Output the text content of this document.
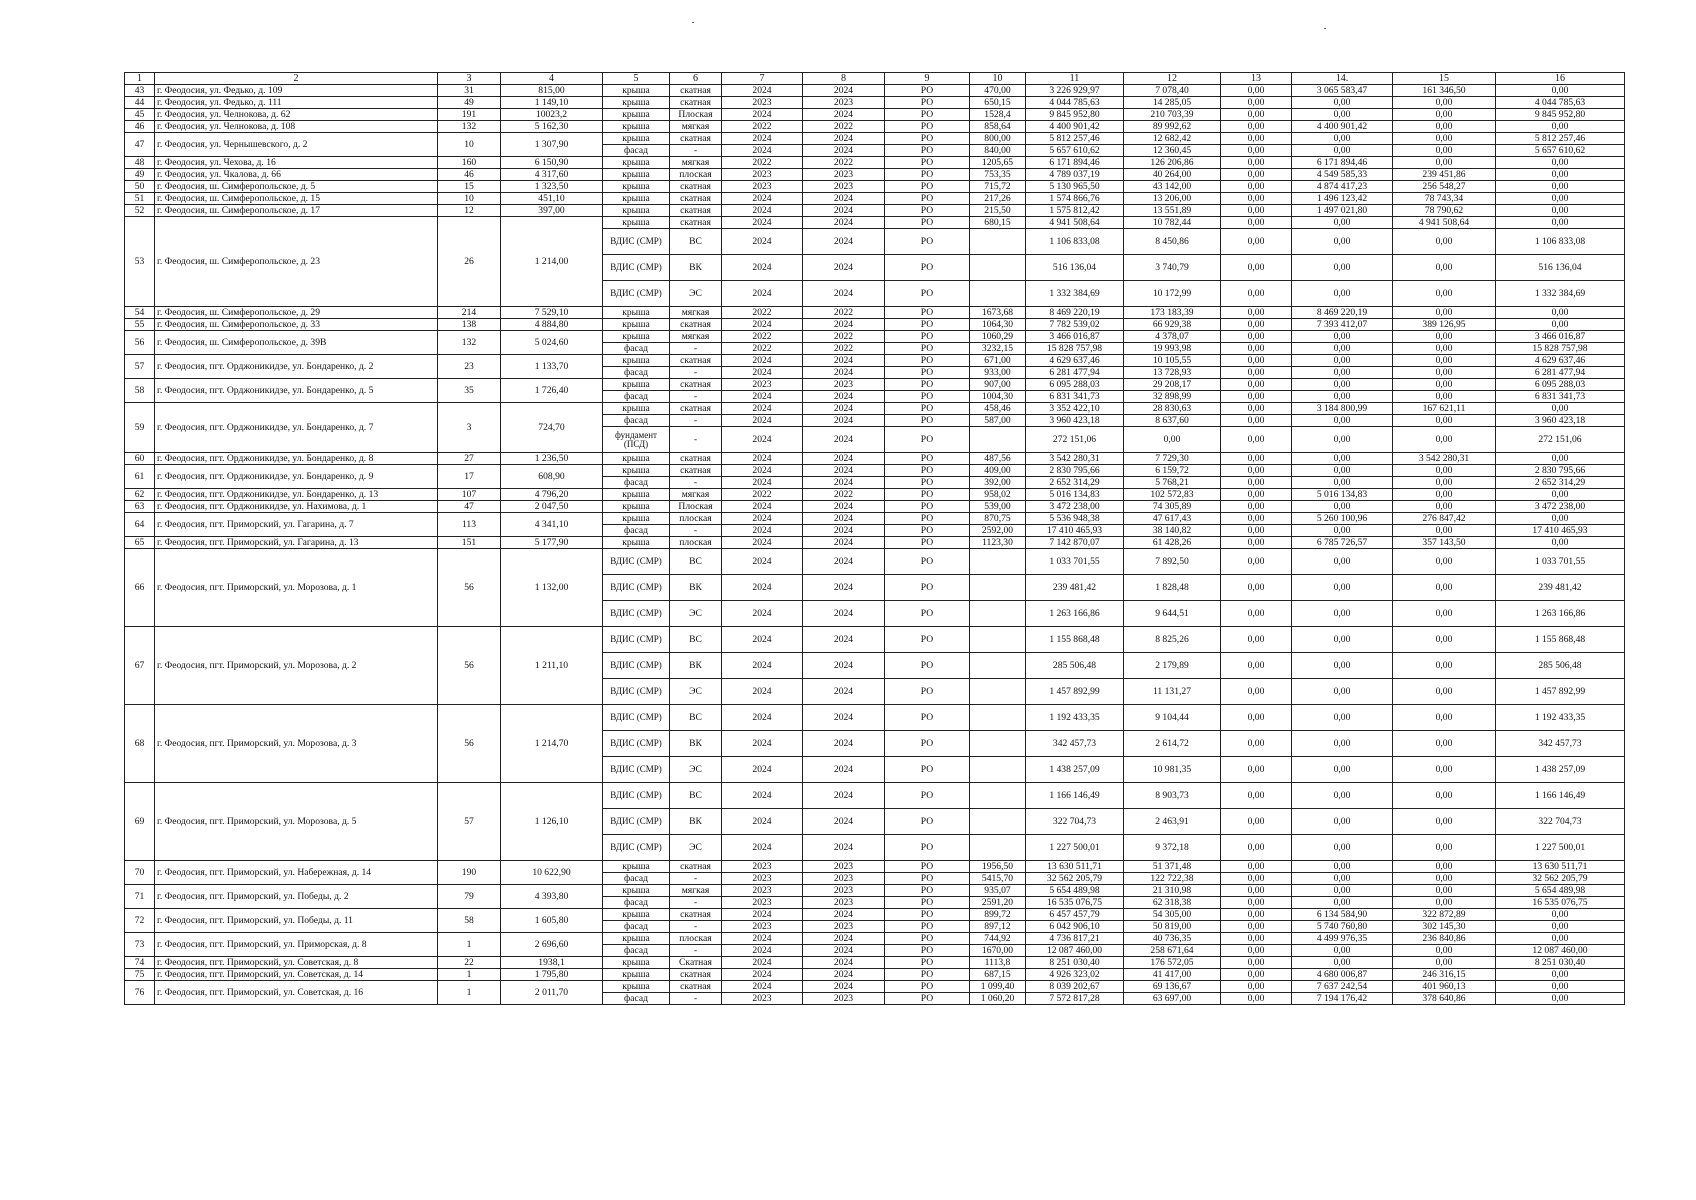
1	2	3	4	5	6	7	8	9	10	11	12	13	14.	15	16
43	г. Феодосия, ул. Федько, д. 109	31	815,00	крыша	скатная	2024	2024	РО	470,00	3 226 929,97	7 078,40	0,00	3 065 583,47	161 346,50	0,00
44	г. Феодосия, ул. Федько, д. 111	49	1 149,10	крыша	скатная	2023	2023	РО	650,15	4 044 785,63	14 285,05	0,00	0,00	0,00	4 044 785,63
45	г. Феодосия, ул. Челнокова, д. 62	191	10023,2	крыша	Плоская	2024	2024	РО	1528,4	9 845 952,80	210 703,39	0,00	0,00	0,00	9 845 952,80
46	г. Феодосия, ул. Челнокова, д. 108	132	5 162,30	крыша	мягкая	2022	2022	РО	858,64	4 400 901,42	89 992,62	0,00	4 400 901,42	0,00	0,00
47	г. Феодосия, ул. Чернышевского, д. 2	10	1 307,90	крыша	скатная	2024	2024	РО	800,00	5 812 257,46	12 682,42	0,00	0,00	0,00	5 812 257,46
				фасад	-	2024	2024	РО	840,00	5 657 610,62	12 360,45	0,00	0,00	0,00	5 657 610,62
48	г. Феодосия, ул. Чехова, д. 16	160	6 150,90	крыша	мягкая	2022	2022	РО	1205,65	6 171 894,46	126 206,86	0,00	6 171 894,46	0,00	0,00
49	г. Феодосия, ул. Чкалова, д. 66	46	4 317,60	крыша	плоская	2023	2023	РО	753,35	4 789 037,19	40 264,00	0,00	4 549 585,33	239 451,86	0,00
50	г. Феодосия, ш. Симферопольское, д. 5	15	1 323,50	крыша	скатная	2023	2023	РО	715,72	5 130 965,50	43 142,00	0,00	4 874 417,23	256 548,27	0,00
51	г. Феодосия, ш. Симферопольское, д. 15	10	451,10	крыша	скатная	2024	2024	РО	217,26	1 574 866,76	13 206,00	0,00	1 496 123,42	78 743,34	0,00
52	г. Феодосия, ш. Симферопольское, д. 17	12	397,00	крыша	скатная	2024	2024	РО	215,50	1 575 812,42	13 551,89	0,00	1 497 021,80	78 790,62	0,00
53	г. Феодосия, ш. Симферопольское, д. 23	26	1 214,00	крыша	скатная	2024	2024	РО	680,15	4 941 508,64	10 782,44	0,00	0,00	4 941 508,64	0,00
				ВДИС (СМР)	ВС	2024	2024	РО		1 106 833,08	8 450,86	0,00	0,00	0,00	1 106 833,08
				ВДИС (СМР)	ВК	2024	2024	РО		516 136,04	3 740,79	0,00	0,00	0,00	516 136,04
				ВДИС (СМР)	ЭС	2024	2024	РО		1 332 384,69	10 172,99	0,00	0,00	0,00	1 332 384,69
54	г. Феодосия, ш. Симферопольское, д. 29	214	7 529,10	крыша	мягкая	2022	2022	РО	1673,68	8 469 220,19	173 183,39	0,00	8 469 220,19	0,00	0,00
55	г. Феодосия, ш. Симферопольское, д. 33	138	4 884,80	крыша	скатная	2024	2024	РО	1064,30	7 782 539,02	66 929,38	0,00	7 393 412,07	389 126,95	0,00
56	г. Феодосия, ш. Симферопольское, д. 39В	132	5 024,60	крыша	мягкая	2022	2022	РО	1060,29	3 466 016,87	4 378,07	0,00	0,00	0,00	3 466 016,87
				фасад	-	2022	2022	РО	3232,15	15 828 757,98	19 993,98	0,00	0,00	0,00	15 828 757,98
57	г. Феодосия, пгт. Орджоникидзе, ул. Бондаренко, д. 2	23	1 133,70	крыша	скатная	2024	2024	РО	671,00	4 629 637,46	10 105,55	0,00	0,00	0,00	4 629 637,46
				фасад	-	2024	2024	РО	933,00	6 281 477,94	13 728,93	0,00	0,00	0,00	6 281 477,94
58	г. Феодосия, пгт. Орджоникидзе, ул. Бондаренко, д. 5	35	1 726,40	крыша	скатная	2023	2023	РО	907,00	6 095 288,03	29 208,17	0,00	0,00	0,00	6 095 288,03
				фасад	-	2024	2024	РО	1004,30	6 831 341,73	32 898,99	0,00	0,00	0,00	6 831 341,73
59	г. Феодосия, пгт. Орджоникидзе, ул. Бондаренко, д. 7	3	724,70	крыша	скатная	2024	2024	РО	458,46	3 352 422,10	28 830,63	0,00	3 184 800,99	167 621,11	0,00
				фасад	-	2024	2024	РО	587,00	3 960 423,18	8 637,60	0,00	0,00	0,00	3 960 423,18
				фундамент (ПСД)	-	2024	2024	РО		272 151,06	0,00	0,00	0,00	0,00	272 151,06
60	г. Феодосия, пгт. Орджоникидзе, ул. Бондаренко, д. 8	27	1 236,50	крыша	скатная	2024	2024	РО	487,56	3 542 280,31	7 729,30	0,00	0,00	3 542 280,31	0,00
61	г. Феодосия, пгт. Орджоникидзе, ул. Бондаренко, д. 9	17	608,90	крыша	скатная	2024	2024	РО	409,00	2 830 795,66	6 159,72	0,00	0,00	0,00	2 830 795,66
				фасад	-	2024	2024	РО	392,00	2 652 314,29	5 768,21	0,00	0,00	0,00	2 652 314,29
62	г. Феодосия, пгт. Орджоникидзе, ул. Бондаренко, д. 13	107	4 796,20	крыша	мягкая	2022	2022	РО	958,02	5 016 134,83	102 572,83	0,00	5 016 134,83	0,00	0,00
63	г. Феодосия, пгт. Орджоникидзе, ул. Нахимова, д. 1	47	2 047,50	крыша	Плоская	2024	2024	РО	539,00	3 472 238,00	74 305,89	0,00	0,00	0,00	3 472 238,00
64	г. Феодосия, пгт. Приморский, ул. Гагарина, д. 7	113	4 341,10	крыша	плоская	2024	2024	РО	870,75	5 536 948,38	47 617,43	0,00	5 260 100,96	276 847,42	0,00
				фасад	-	2024	2024	РО	2592,00	17 410 465,93	38 140,82	0,00	0,00	0,00	17 410 465,93
65	г. Феодосия, пгт. Приморский, ул. Гагарина, д. 13	151	5 177,90	крыша	плоская	2024	2024	РО	1123,30	7 142 870,07	61 428,26	0,00	6 785 726,57	357 143,50	0,00
66	г. Феодосия, пгт. Приморский, ул. Морозова, д. 1	56	1 132,00	ВДИС (СМР)	ВС	2024	2024	РО		1 033 701,55	7 892,50	0,00	0,00	0,00	1 033 701,55
				ВДИС (СМР)	ВК	2024	2024	РО		239 481,42	1 828,48	0,00	0,00	0,00	239 481,42
				ВДИС (СМР)	ЭС	2024	2024	РО		1 263 166,86	9 644,51	0,00	0,00	0,00	1 263 166,86
67	г. Феодосия, пгт. Приморский, ул. Морозова, д. 2	56	1 211,10	ВДИС (СМР)	ВС	2024	2024	РО		1 155 868,48	8 825,26	0,00	0,00	0,00	1 155 868,48
				ВДИС (СМР)	ВК	2024	2024	РО		285 506,48	2 179,89	0,00	0,00	0,00	285 506,48
				ВДИС (СМР)	ЭС	2024	2024	РО		1 457 892,99	11 131,27	0,00	0,00	0,00	1 457 892,99
68	г. Феодосия, пгт. Приморский, ул. Морозова, д. 3	56	1 214,70	ВДИС (СМР)	ВС	2024	2024	РО		1 192 433,35	9 104,44	0,00	0,00	0,00	1 192 433,35
				ВДИС (СМР)	ВК	2024	2024	РО		342 457,73	2 614,72	0,00	0,00	0,00	342 457,73
				ВДИС (СМР)	ЭС	2024	2024	РО		1 438 257,09	10 981,35	0,00	0,00	0,00	1 438 257,09
69	г. Феодосия, пгт. Приморский, ул. Морозова, д. 5	57	1 126,10	ВДИС (СМР)	ВС	2024	2024	РО		1 166 146,49	8 903,73	0,00	0,00	0,00	1 166 146,49
				ВДИС (СМР)	ВК	2024	2024	РО		322 704,73	2 463,91	0,00	0,00	0,00	322 704,73
				ВДИС (СМР)	ЭС	2024	2024	РО		1 227 500,01	9 372,18	0,00	0,00	0,00	1 227 500,01
70	г. Феодосия, пгт. Приморский, ул. Набережная, д. 14	190	10 622,90	крыша	скатная	2023	2023	РО	1956,50	13 630 511,71	51 371,48	0,00	0,00	0,00	13 630 511,71
				фасад	-	2023	2023	РО	5415,70	32 562 205,79	122 722,38	0,00	0,00	0,00	32 562 205,79
71	г. Феодосия, пгт. Приморский, ул. Победы, д. 2	79	4 393,80	крыша	мягкая	2023	2023	РО	935,07	5 654 489,98	21 310,98	0,00	0,00	0,00	5 654 489,98
				фасад	-	2023	2023	РО	2591,20	16 535 076,75	62 318,38	0,00	0,00	0,00	16 535 076,75
72	г. Феодосия, пгт. Приморский, ул. Победы, д. 11	58	1 605,80	крыша	скатная	2024	2024	РО	899,72	6 457 457,79	54 305,00	0,00	6 134 584,90	322 872,89	0,00
				фасад	-	2023	2023	РО	897,12	6 042 906,10	50 819,00	0,00	5 740 760,80	302 145,30	0,00
73	г. Феодосия, пгт. Приморский, ул. Приморская, д. 8	1	2 696,60	крыша	плоская	2024	2024	РО	744,92	4 736 817,21	40 736,35	0,00	4 499 976,35	236 840,86	0,00
				фасад	-	2024	2024	РО	1670,00	12 087 460,00	258 671,64	0,00	0,00	0,00	12 087 460,00
74	г. Феодосия, пгт. Приморский, ул. Советская, д. 8	22	1938,1	крыша	Скатная	2024	2024	РО	1113,8	8 251 030,40	176 572,05	0,00	0,00	0,00	8 251 030,40
75	г. Феодосия, пгт. Приморский, ул. Советская, д. 14	1	1 795,80	крыша	скатная	2024	2024	РО	687,15	4 926 323,02	41 417,00	0,00	4 680 006,87	246 316,15	0,00
76	г. Феодосия, пгт. Приморский, ул. Советская, д. 16	1	2 011,70	крыша	скатная	2024	2024	РО	1 099,40	8 039 202,67	69 136,67	0,00	7 637 242,54	401 960,13	0,00
				фасад	-	2023	2023	РО	1 060,20	7 572 817,28	63 697,00	0,00	7 194 176,42	378 640,86	0,00
